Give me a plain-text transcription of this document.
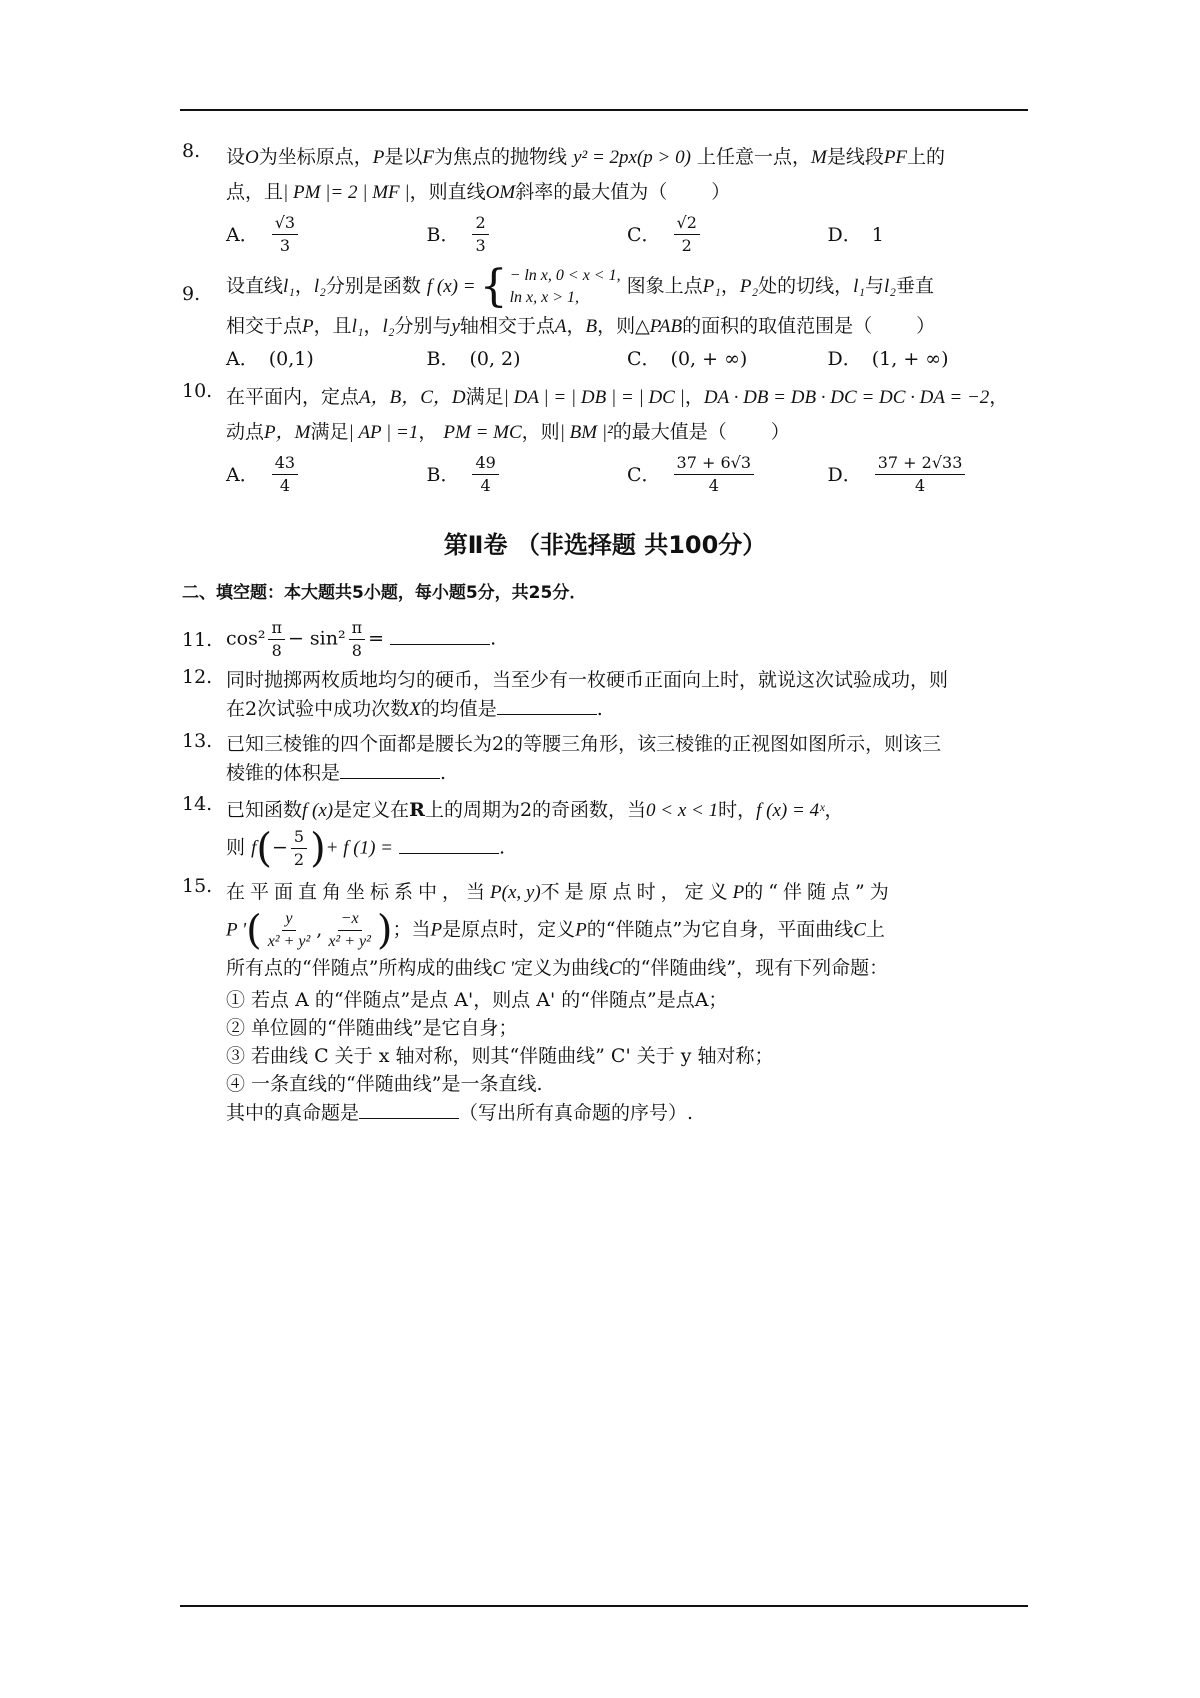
8.	设O为坐标原点，P是以F为焦点的抛物线 y² = 2px(p > 0) 上任意一点，M是线段PF上的
点，且| PM |= 2 | MF |，则直线OM斜率的最大值为（ ）
A． $\frac{√3}{3}$	B． $\frac{2}{3}$	C． $\frac{√2}{2}$	D． 1
9.	设直线l₁，l₂分别是函数 f (x) = { − ln x, 0 < x < 1,
ln x, x > 1,
图象上点P₁，P₂处的切线，l₁与l₂垂直
相交于点P，且l₁，l₂分别与y轴相交于点A，B，则△PAB的面积的取值范围是（ ）
A． (0,1)	B． (0, 2)	C． (0, + ∞)	D． (1, + ∞)
10. 在平面内，定点A，B，C，D满足| DA | = | DB | = | DC |，DA · DB = DB · DC = DC · DA = −2，
动点P，M满足| AP | =1， PM = MC，则| BM |²的最大值是（ ）
A． $\frac{43}{4}$	B． $\frac{49}{4}$	C． $\frac{37 + 6√3}{4}$	D． $\frac{37 + 2√33}{4}$
第Ⅱ卷 （非选择题 共100分）
二、填空题：本大题共5小题，每小题5分，共25分．
11. $\cos^2 \frac{\pi}{8} - \sin^2 \frac{\pi}{8}$ =	.
12. 同时抛掷两枚质地均匀的硬币，当至少有一枚硬币正面向上时，就说这次试验成功，则
在2次试验中成功次数X的均值是	.
13. 已知三棱锥的四个面都是腰长为2的等腰三角形，该三棱锥的正视图如图所示，则该三
棱锥的体积是	.
14. 已知函数f (x)是定义在R上的周期为2的奇函数，当0 < x < 1时，f (x) = 4ˣ，
则 $f(- \frac{5}{2}$ )+ f (1) =	.
15. 在平面直角坐标系中，当P(x, y)不是原点时，定义P的“伴随点”为
P '( $\frac{y}{\text{x² + y²}}$ , $\frac{-x}{\text{x² + y²}}$ )；当P是原点时，定义P的“伴随点”为它自身，平面曲线C上
所有点的“伴随点”所构成的曲线C '定义为曲线C的“伴随曲线”，现有下列命题：
① 若点 A 的“伴随点”是点 A'，则点 A' 的“伴随点”是点A；
② 单位圆的“伴随曲线”是它自身；
③ 若曲线 C 关于 x 轴对称，则其“伴随曲线” C' 关于 y 轴对称；
④ 一条直线的“伴随曲线”是一条直线.
其中的真命题是	（写出所有真命题的序号）.
